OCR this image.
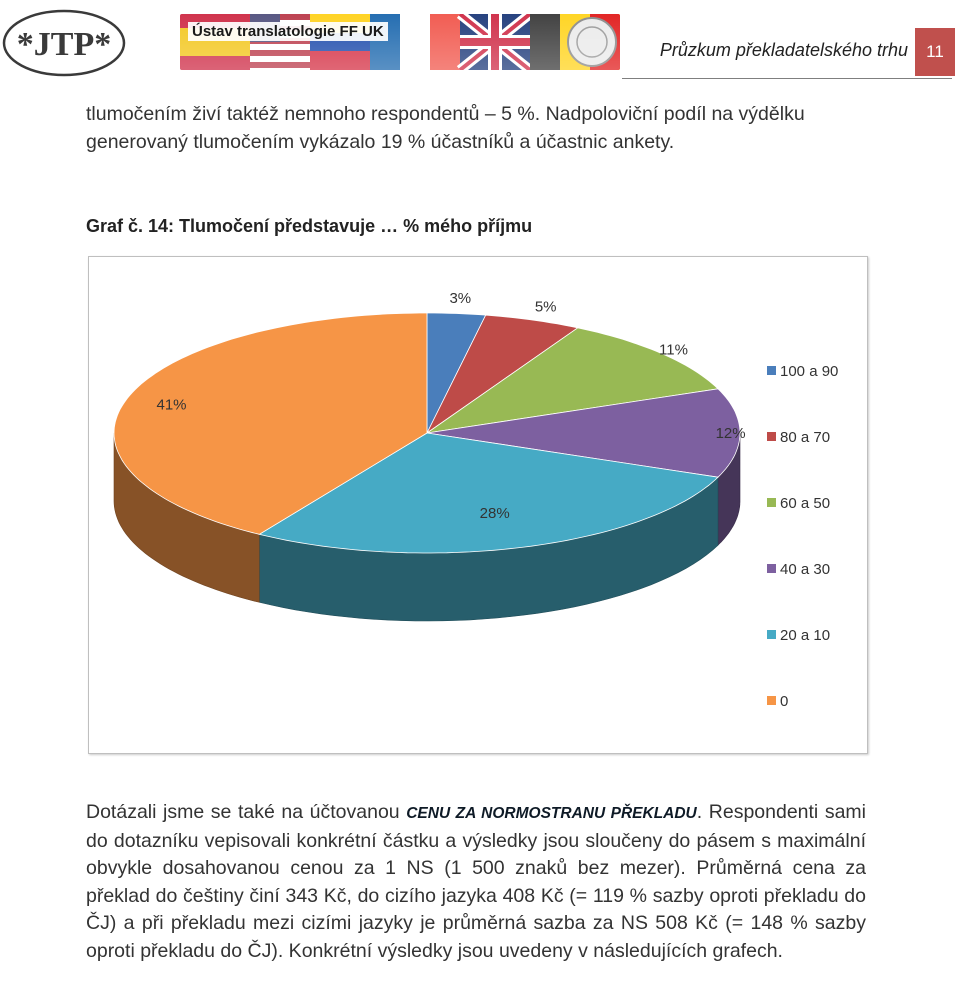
*JTP*	Ústav translatologie FF UK
Průzkum překladatelského trhu	11
tlumočením živí taktéž nemnoho respondentů – 5 %. Nadpoloviční podíl na výdělku
generovaný tlumočením vykázalo 19 % účastníků a účastnic ankety.
Graf č. 14: Tlumočení představuje … % mého příjmu
3%	5%
11%
12%
28%
41%
100 a 90
80 a 70
60 a 50
40 a 30
20 a 10
0
Dotázali jsme se také na účtovanou CENU ZA NORMOSTRANU PŘEKLADU. Respondenti sami do dotazníku vepisovali konkrétní částku a výsledky jsou sloučeny do pásem s maximální obvykle dosahovanou cenou za 1 NS (1 500 znaků bez mezer). Průměrná cena za překlad do češtiny činí 343 Kč, do cizího jazyka 408 Kč (= 119 % sazby oproti překladu do ČJ) a při překladu mezi cizími jazyky je průměrná sazba za NS 508 Kč (= 148 % sazby oproti překladu do ČJ). Konkrétní výsledky jsou uvedeny v následujících grafech.
